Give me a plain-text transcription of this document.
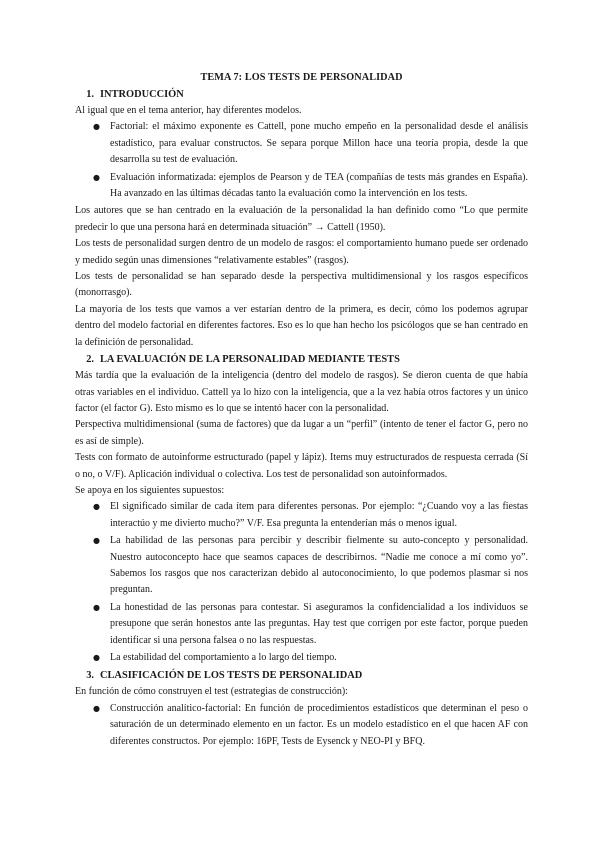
TEMA 7: LOS TESTS DE PERSONALIDAD
1. INTRODUCCIÓN

Al igual que en el tema anterior, hay diferentes modelos.

● Factorial: el máximo exponente es Cattell, pone mucho empeño en la personalidad desde el análisis estadístico, para evaluar constructos. Se separa porque Millon hace una teoría propia, desde la que desarrolla su test de evaluación.
● Evaluación informatizada: ejemplos de Pearson y de TEA (compañías de tests más grandes en España). Ha avanzado en las últimas décadas tanto la evaluación como la intervención en los tests.

Los autores que se han centrado en la evaluación de la personalidad la han definido como “Lo que permite predecir lo que una persona hará en determinada situación” → Cattell (1950).

Los tests de personalidad surgen dentro de un modelo de rasgos: el comportamiento humano puede ser ordenado y medido según unas dimensiones “relativamente estables” (rasgos).

Los tests de personalidad se han separado desde la perspectiva multidimensional y los rasgos específicos (monorrasgo).

La mayoría de los tests que vamos a ver estarían dentro de la primera, es decir, cómo los podemos agrupar dentro del modelo factorial en diferentes factores. Eso es lo que han hecho los psicólogos que se han centrado en la definición de personalidad.

2. LA EVALUACIÓN DE LA PERSONALIDAD MEDIANTE TESTS

Más tardía que la evaluación de la inteligencia (dentro del modelo de rasgos). Se dieron cuenta de que había otras variables en el individuo. Cattell ya lo hizo con la inteligencia, que a la vez había otros factores y un único factor (el factor G). Esto mismo es lo que se intentó hacer con la personalidad.

Perspectiva multidimensional (suma de factores) que da lugar a un “perfil” (intento de tener el factor G, pero no es así de simple).

Tests con formato de autoinforme estructurado (papel y lápiz). Items muy estructurados de respuesta cerrada (Sí o no, o V/F). Aplicación individual o colectiva. Los test de personalidad son autoinformados.

Se apoya en los siguientes supuestos:

● El significado similar de cada ítem para diferentes personas. Por ejemplo: “¿Cuando voy a las fiestas interactúo y me divierto mucho?” V/F. Esa pregunta la entenderían más o menos igual.
● La habilidad de las personas para percibir y describir fielmente su auto-concepto y personalidad. Nuestro autoconcepto hace que seamos capaces de describirnos. “Nadie me conoce a mí como yo”. Sabemos los rasgos que nos caracterizan debido al autoconocimiento, lo que podemos plasmar si nos preguntan.
● La honestidad de las personas para contestar. Si aseguramos la confidencialidad a los individuos se presupone que serán honestos ante las preguntas. Hay test que corrigen por este factor, porque pueden identificar si una persona falsea o no las respuestas.
● La estabilidad del comportamiento a lo largo del tiempo.
3. CLASIFICACIÓN DE LOS TESTS DE PERSONALIDAD

En función de cómo construyen el test (estrategias de construcción):

● Construcción analítico-factorial: En función de procedimientos estadísticos que determinan el peso o saturación de un determinado elemento en un factor. Es un modelo estadístico en el que hacen AF con diferentes constructos. Por ejemplo: 16PF, Tests de Eysenck y NEO-PI y BFQ.
